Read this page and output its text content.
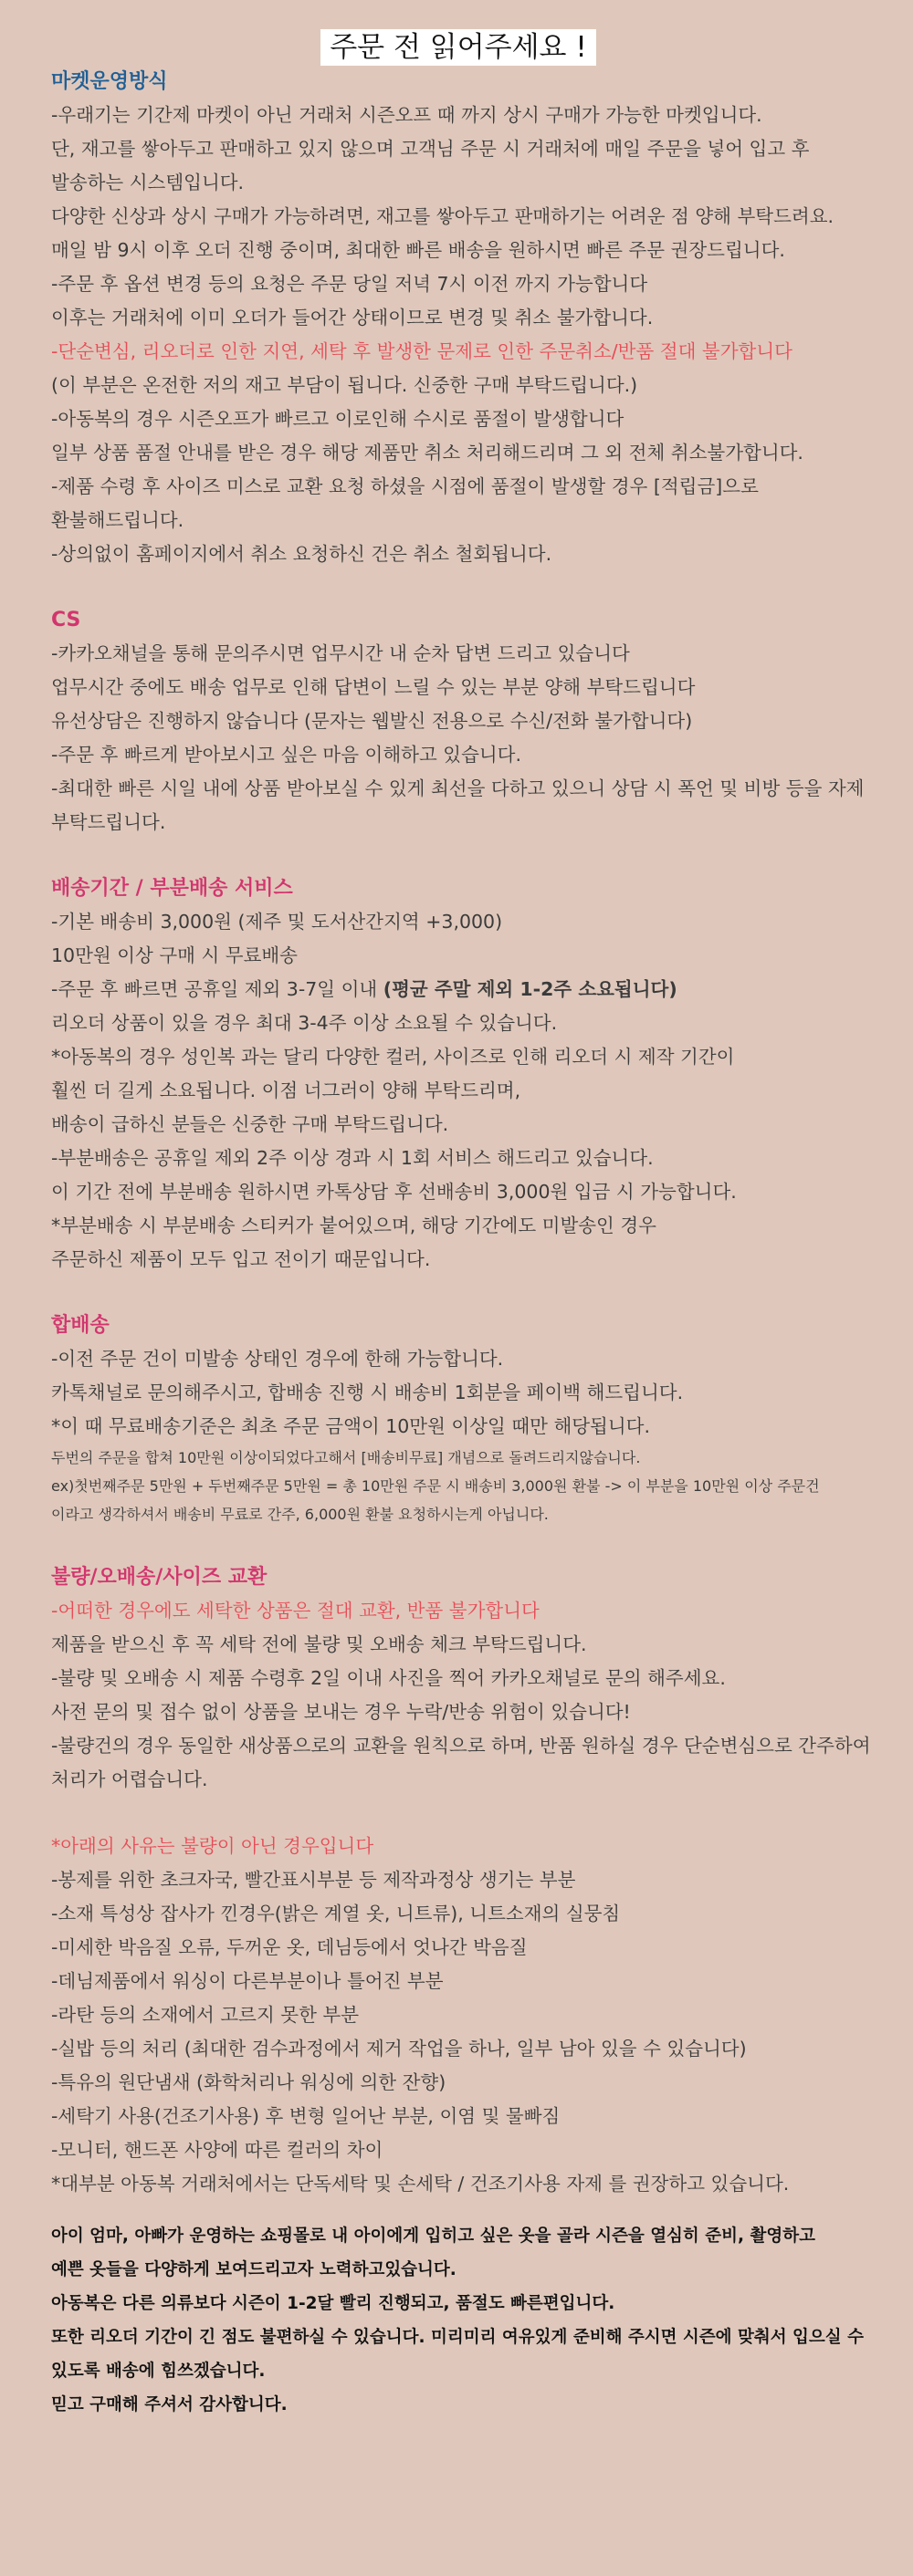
주문 전 읽어주세요 !
마켓운영방식
-우래기는 기간제 마켓이 아닌 거래처 시즌오프 때 까지 상시 구매가 가능한 마켓입니다.
단, 재고를 쌓아두고 판매하고 있지 않으며 고객님 주문 시 거래처에 매일 주문을 넣어 입고 후
발송하는 시스템입니다.
다양한 신상과 상시 구매가 가능하려면, 재고를 쌓아두고 판매하기는 어려운 점 양해 부탁드려요.
매일 밤 9시 이후 오더 진행 중이며, 최대한 빠른 배송을 원하시면 빠른 주문 권장드립니다.
-주문 후 옵션 변경 등의 요청은 주문 당일 저녁 7시 이전 까지 가능합니다
이후는 거래처에 이미 오더가 들어간 상태이므로 변경 및 취소 불가합니다.
-단순변심, 리오더로 인한 지연, 세탁 후 발생한 문제로 인한 주문취소/반품 절대 불가합니다
(이 부분은 온전한 저의 재고 부담이 됩니다. 신중한 구매 부탁드립니다.)
-아동복의 경우 시즌오프가 빠르고 이로인해 수시로 품절이 발생합니다
일부 상품 품절 안내를 받은 경우 해당 제품만 취소 처리해드리며 그 외 전체 취소불가합니다.
-제품 수령 후 사이즈 미스로 교환 요청 하셨을 시점에 품절이 발생할 경우 [적립금]으로
환불해드립니다.
-상의없이 홈페이지에서 취소 요청하신 건은 취소 철회됩니다.
CS
-카카오채널을 통해 문의주시면 업무시간 내 순차 답변 드리고 있습니다
업무시간 중에도 배송 업무로 인해 답변이 느릴 수 있는 부분 양해 부탁드립니다
유선상담은 진행하지 않습니다 (문자는 웹발신 전용으로 수신/전화 불가합니다)
-주문 후 빠르게 받아보시고 싶은 마음 이해하고 있습니다.
-최대한 빠른 시일 내에 상품 받아보실 수 있게 최선을 다하고 있으니 상담 시 폭언 및 비방 등을 자제
부탁드립니다.
배송기간 / 부분배송 서비스
-기본 배송비 3,000원 (제주 및 도서산간지역 +3,000)
10만원 이상 구매 시 무료배송
-주문 후 빠르면 공휴일 제외 3-7일 이내 (평균 주말 제외 1-2주 소요됩니다)
리오더 상품이 있을 경우 최대 3-4주 이상 소요될 수 있습니다.
*아동복의 경우 성인복 과는 달리 다양한 컬러, 사이즈로 인해 리오더 시 제작 기간이
훨씬 더 길게 소요됩니다. 이점 너그러이 양해 부탁드리며,
배송이 급하신 분들은 신중한 구매 부탁드립니다.
-부분배송은 공휴일 제외 2주 이상 경과 시 1회 서비스 해드리고 있습니다.
이 기간 전에 부분배송 원하시면 카톡상담 후 선배송비 3,000원 입금 시 가능합니다.
*부분배송 시 부분배송 스티커가 붙어있으며, 해당 기간에도 미발송인 경우
주문하신 제품이 모두 입고 전이기 때문입니다.
합배송
-이전 주문 건이 미발송 상태인 경우에 한해 가능합니다.
카톡채널로 문의해주시고, 합배송 진행 시 배송비 1회분을 페이백 해드립니다.
*이 때 무료배송기준은 최초 주문 금액이 10만원 이상일 때만 해당됩니다.
두번의 주문을 합쳐 10만원 이상이되었다고해서 [배송비무료] 개념으로 돌려드리지않습니다.
ex)첫번째주문 5만원 + 두번째주문 5만원 = 총 10만원 주문 시 배송비 3,000원 환불 -> 이 부분을 10만원 이상 주문건
이라고 생각하셔서 배송비 무료로 간주, 6,000원 환불 요청하시는게 아닙니다.
불량/오배송/사이즈 교환
-어떠한 경우에도 세탁한 상품은 절대 교환, 반품 불가합니다
제품을 받으신 후 꼭 세탁 전에 불량 및 오배송 체크 부탁드립니다.
-불량 및 오배송 시 제품 수령후 2일 이내 사진을 찍어 카카오채널로 문의 해주세요.
사전 문의 및 접수 없이 상품을 보내는 경우 누락/반송 위험이 있습니다!
-불량건의 경우 동일한 새상품으로의 교환을 원칙으로 하며, 반품 원하실 경우 단순변심으로 간주하여
처리가 어렵습니다.
*아래의 사유는 불량이 아닌 경우입니다
-봉제를 위한 초크자국, 빨간표시부분 등 제작과정상 생기는 부분
-소재 특성상 잡사가 낀경우(밝은 계열 옷, 니트류), 니트소재의 실뭉침
-미세한 박음질 오류, 두꺼운 옷, 데님등에서 엇나간 박음질
-데님제품에서 워싱이 다른부분이나 틀어진 부분
-라탄 등의 소재에서 고르지 못한 부분
-실밥 등의 처리 (최대한 검수과정에서 제거 작업을 하나, 일부 남아 있을 수 있습니다)
-특유의 원단냄새 (화학처리나 워싱에 의한 잔향)
-세탁기 사용(건조기사용) 후 변형 일어난 부분, 이염 및 물빠짐
-모니터, 핸드폰 사양에 따른 컬러의 차이
*대부분 아동복 거래처에서는 단독세탁 및 손세탁 / 건조기사용 자제 를 권장하고 있습니다.
아이 엄마, 아빠가 운영하는 쇼핑몰로 내 아이에게 입히고 싶은 옷을 골라 시즌을 열심히 준비, 촬영하고
예쁜 옷들을 다양하게 보여드리고자 노력하고있습니다.
아동복은 다른 의류보다 시즌이 1-2달 빨리 진행되고, 품절도 빠른편입니다.
또한 리오더 기간이 긴 점도 불편하실 수 있습니다. 미리미리 여유있게 준비해 주시면 시즌에 맞춰서 입으실 수
있도록 배송에 힘쓰겠습니다.
믿고 구매해 주셔서 감사합니다.
